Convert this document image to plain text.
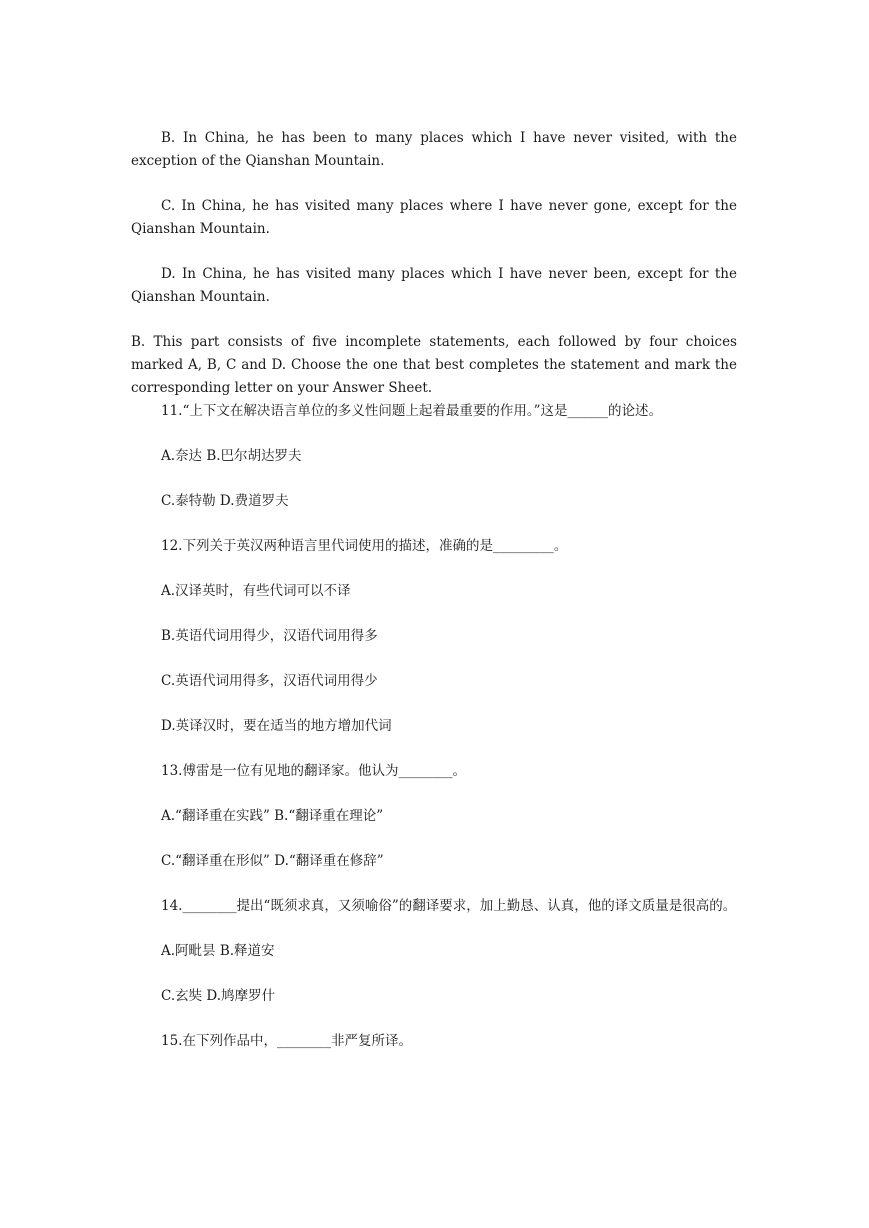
B. In China, he has been to many places which I have never visited, with the exception of the Qianshan Mountain.

C. In China, he has visited many places where I have never gone, except for the Qianshan Mountain.

D. In China, he has visited many places which I have never been, except for the Qianshan Mountain.

B. This part consists of five incomplete statements, each followed by four choices marked A, B, C and D. Choose the one that best completes the statement and mark the corresponding letter on your Answer Sheet.

11.“上下文在解决语言单位的多义性问题上起着最重要的作用。”这是______的论述。

A.奈达 B.巴尔胡达罗夫

C.泰特勒 D.费道罗夫

12.下列关于英汉两种语言里代词使用的描述，准确的是_________。

A.汉译英时，有些代词可以不译

B.英语代词用得少，汉语代词用得多

C.英语代词用得多，汉语代词用得少

D.英译汉时，要在适当的地方增加代词

13.傅雷是一位有见地的翻译家。他认为________。

A.“翻译重在实践” B.“翻译重在理论”

C.“翻译重在形似” D.“翻译重在修辞”

14.________提出“既须求真，又须喻俗”的翻译要求，加上勤恳、认真，他的译文质量是很高的。

A.阿毗昙 B.释道安

C.玄奘 D.鸠摩罗什

15.在下列作品中，________非严复所译。
